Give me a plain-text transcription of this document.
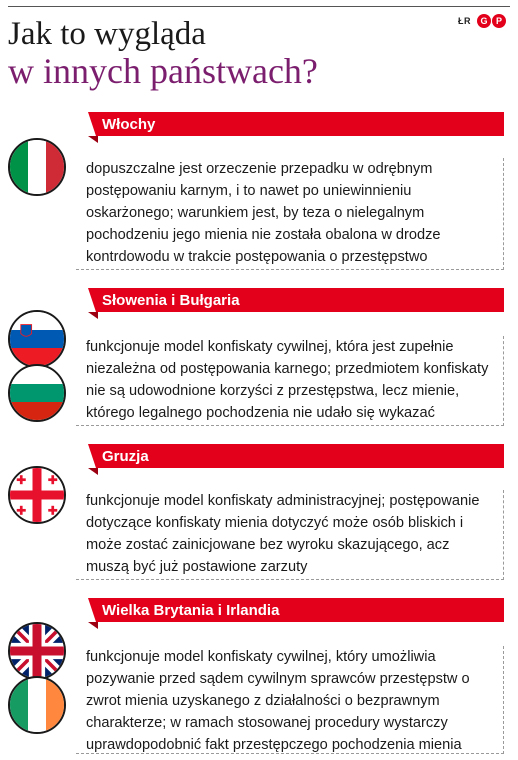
Jak to wygląda
w innych państwach?
ŁR	G P
Włochy

dopuszczalne jest orzeczenie przepadku w odrębnym postępowaniu karnym, i to nawet po uniewinnieniu oskarżonego; warunkiem jest, by teza o nielegalnym pochodzeniu jego mienia nie została obalona w drodze kontrdowodu w trakcie postępowania o przestępstwo

Słowenia i Bułgaria

funkcjonuje model konfiskaty cywilnej, która jest zupełnie niezależna od postępowania karnego; przedmiotem konfiskaty nie są udowodnione korzyści z przestępstwa, lecz mienie, którego legalnego pochodzenia nie udało się wykazać

Gruzja

funkcjonuje model konfiskaty administracyjnej; postępowanie dotyczące konfiskaty mienia dotyczyć może osób bliskich i może zostać zainicjowane bez wyroku skazującego, acz muszą być już postawione zarzuty

Wielka Brytania i Irlandia

funkcjonuje model konfiskaty cywilnej, który umożliwia pozywanie przed sądem cywilnym sprawców przestępstw o zwrot mienia uzyskanego z działalności o bezprawnym charakterze; w ramach stosowanej procedury wystarczy uprawdopodobnić fakt przestępczego pochodzenia mienia
